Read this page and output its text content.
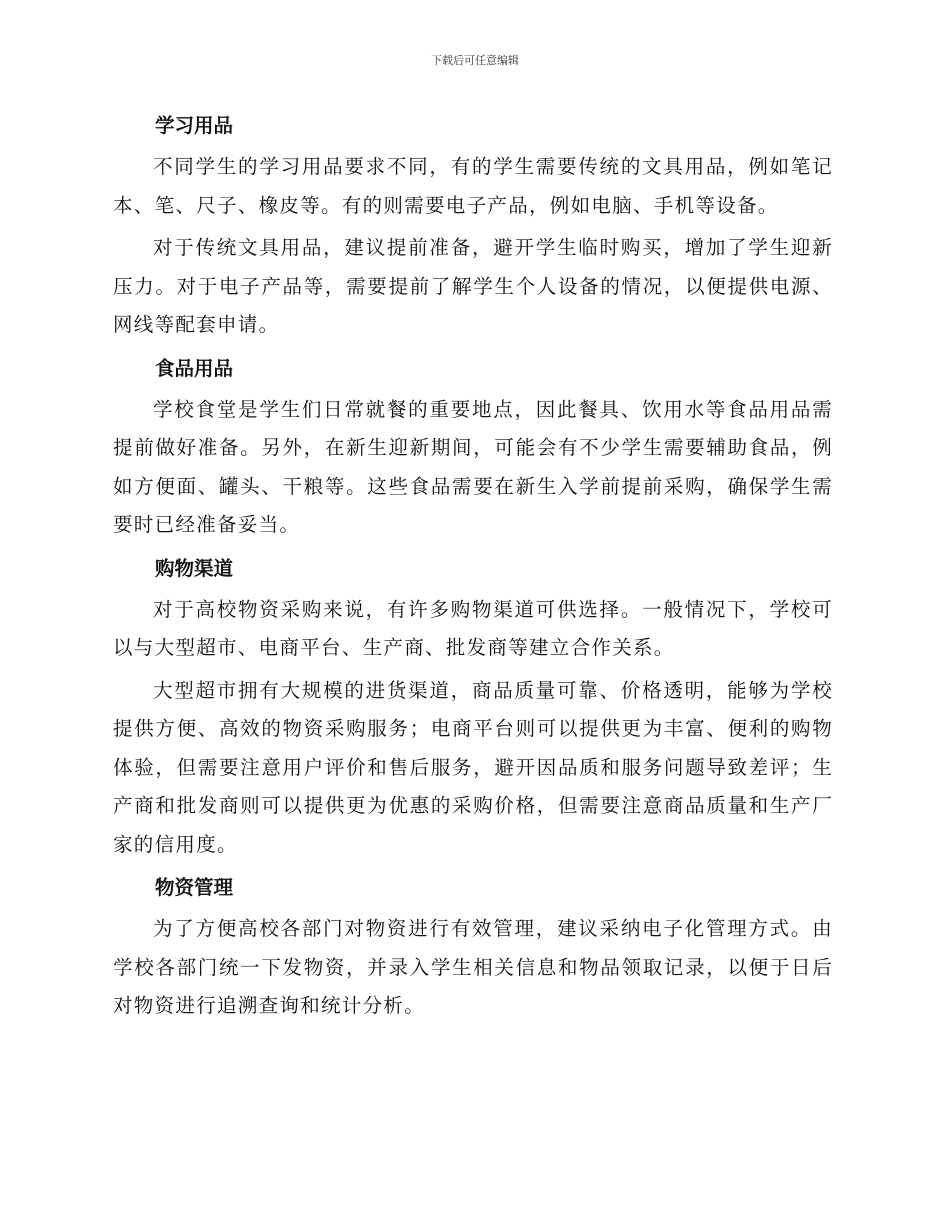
下载后可任意编辑
学习用品

不同学生的学习用品要求不同，有的学生需要传统的文具用品，例如笔记本、笔、尺子、橡皮等。有的则需要电子产品，例如电脑、手机等设备。

对于传统文具用品，建议提前准备，避开学生临时购买，增加了学生迎新压力。对于电子产品等，需要提前了解学生个人设备的情况，以便提供电源、网线等配套申请。

食品用品

学校食堂是学生们日常就餐的重要地点，因此餐具、饮用水等食品用品需提前做好准备。另外，在新生迎新期间，可能会有不少学生需要辅助食品，例如方便面、罐头、干粮等。这些食品需要在新生入学前提前采购，确保学生需要时已经准备妥当。

购物渠道

对于高校物资采购来说，有许多购物渠道可供选择。一般情况下，学校可以与大型超市、电商平台、生产商、批发商等建立合作关系。

大型超市拥有大规模的进货渠道，商品质量可靠、价格透明，能够为学校提供方便、高效的物资采购服务；电商平台则可以提供更为丰富、便利的购物体验，但需要注意用户评价和售后服务，避开因品质和服务问题导致差评；生产商和批发商则可以提供更为优惠的采购价格，但需要注意商品质量和生产厂家的信用度。

物资管理

为了方便高校各部门对物资进行有效管理，建议采纳电子化管理方式。由学校各部门统一下发物资，并录入学生相关信息和物品领取记录，以便于日后对物资进行追溯查询和统计分析。
